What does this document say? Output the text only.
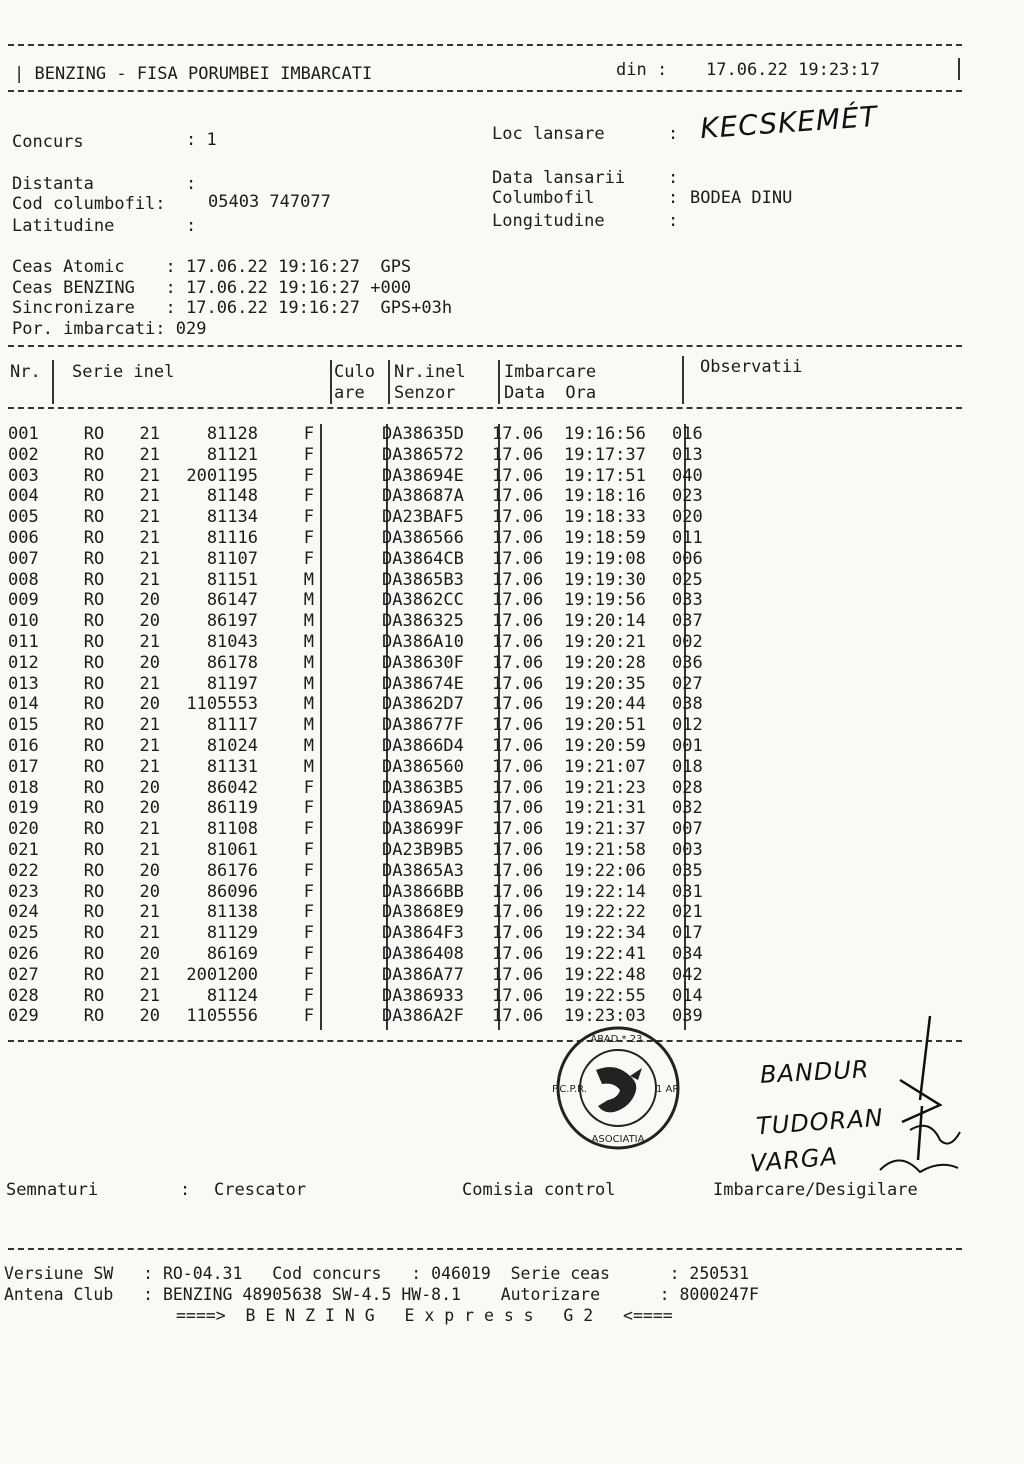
| BENZING - FISA PORUMBEI IMBARCATI	din : 17.06.22 19:23:17
Concurs	: 1
Distanta	:
Cod columbofil: 05403 747077
Latitudine	:
Loc lansare	: KECSKEMÉT
Data lansarii	:
Columbofil	: BODEA DINU
Longitudine	:
Ceas Atomic    : 17.06.22 19:16:27  GPS
Ceas BENZING   : 17.06.22 19:16:27 +000
Sincronizare   : 17.06.22 19:16:27  GPS+03h
Por. imbarcati: 029
Nr. Serie inel	Culo
are
Nr.inel
Senzor
Imbarcare
Data  Ora
Observatii
001	RO	21	81128	F		DA38635D	17.06	19:16:56	016
002	RO	21	81121	F		DA386572	17.06	19:17:37	013
003	RO	21	2001195	F		DA38694E	17.06	19:17:51	040
004	RO	21	81148	F		DA38687A	17.06	19:18:16	023
005	RO	21	81134	F		DA23BAF5	17.06	19:18:33	020
006	RO	21	81116	F		DA386566	17.06	19:18:59	011
007	RO	21	81107	F		DA3864CB	17.06	19:19:08	006
008	RO	21	81151	M		DA3865B3	17.06	19:19:30	025
009	RO	20	86147	M		DA3862CC	17.06	19:19:56	033
010	RO	20	86197	M		DA386325	17.06	19:20:14	037
011	RO	21	81043	M		DA386A10	17.06	19:20:21	002
012	RO	20	86178	M		DA38630F	17.06	19:20:28	036
013	RO	21	81197	M		DA38674E	17.06	19:20:35	027
014	RO	20	1105553	M		DA3862D7	17.06	19:20:44	038
015	RO	21	81117	M		DA38677F	17.06	19:20:51	012
016	RO	21	81024	M		DA3866D4	17.06	19:20:59	001
017	RO	21	81131	M		DA386560	17.06	19:21:07	018
018	RO	20	86042	F		DA3863B5	17.06	19:21:23	028
019	RO	20	86119	F		DA3869A5	17.06	19:21:31	032
020	RO	21	81108	F		DA38699F	17.06	19:21:37	007
021	RO	21	81061	F		DA23B9B5	17.06	19:21:58	003
022	RO	20	86176	F		DA3865A3	17.06	19:22:06	035
023	RO	20	86096	F		DA3866BB	17.06	19:22:14	031
024	RO	21	81138	F		DA3868E9	17.06	19:22:22	021
025	RO	21	81129	F		DA3864F3	17.06	19:22:34	017
026	RO	20	86169	F		DA386408	17.06	19:22:41	034
027	RO	21	2001200	F		DA386A77	17.06	19:22:48	042
028	RO	21	81124	F		DA386933	17.06	19:22:55	014
029	RO	20	1105556	F		DA386A2F	17.06	19:23:03	039
ARAD * 23.
ASOCIATIA
F.C.P.R.	1 AR
BANDUR
TUDORAN
VARGA
Semnaturi	: Crescator	Comisia control	Imbarcare/Desigilare
Versiune SW   : RO-04.31   Cod concurs   : 046019  Serie ceas      : 250531
Antena Club   : BENZING 48905638 SW-4.5 HW-8.1    Autorizare      : 8000247F
====>  B E N Z I N G   E x p r e s s   G 2   <====
